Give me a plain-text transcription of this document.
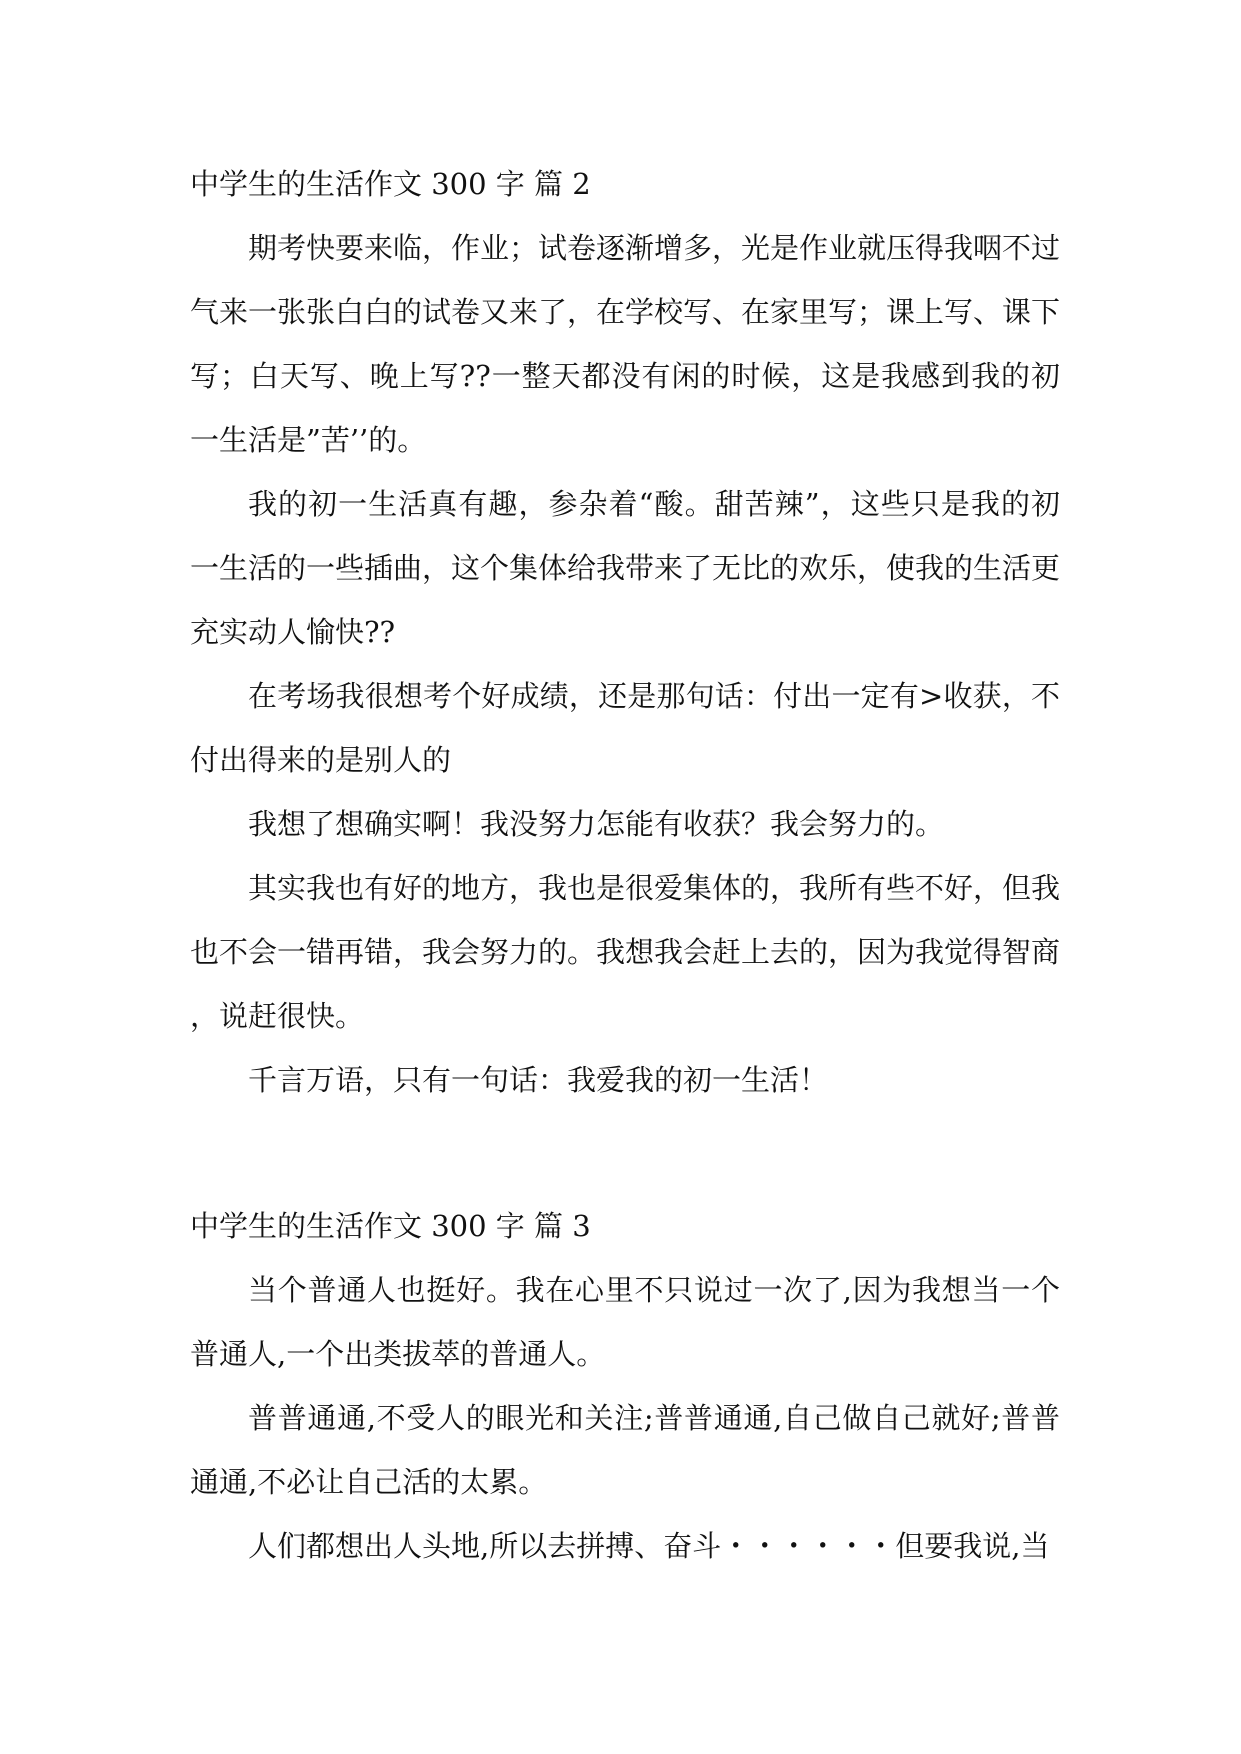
中学生的生活作文 300 字 篇 2

期考快要来临，作业；试卷逐渐增多，光是作业就压得我咽不过气来一张张白白的试卷又来了，在学校写、在家里写；课上写、课下写；白天写、晚上写??一整天都没有闲的时候，这是我感到我的初一生活是”苦’’的。

我的初一生活真有趣，参杂着“酸。甜苦辣”，这些只是我的初一生活的一些插曲，这个集体给我带来了无比的欢乐，使我的生活更充实动人愉快??

在考场我很想考个好成绩，还是那句话：付出一定有>收获，不付出得来的是别人的

我想了想确实啊！我没努力怎能有收获？我会努力的。

其实我也有好的地方，我也是很爱集体的，我所有些不好，但我也不会一错再错，我会努力的。我想我会赶上去的，因为我觉得智商，说赶很快。

千言万语，只有一句话：我爱我的初一生活！

中学生的生活作文 300 字 篇 3

当个普通人也挺好。我在心里不只说过一次了,因为我想当一个普通人,一个出类拔萃的普通人。

普普通通,不受人的眼光和关注;普普通通,自己做自己就好;普普通通,不必让自己活的太累。

人们都想出人头地,所以去拼搏、奋斗・・・・・・但要我说,当
